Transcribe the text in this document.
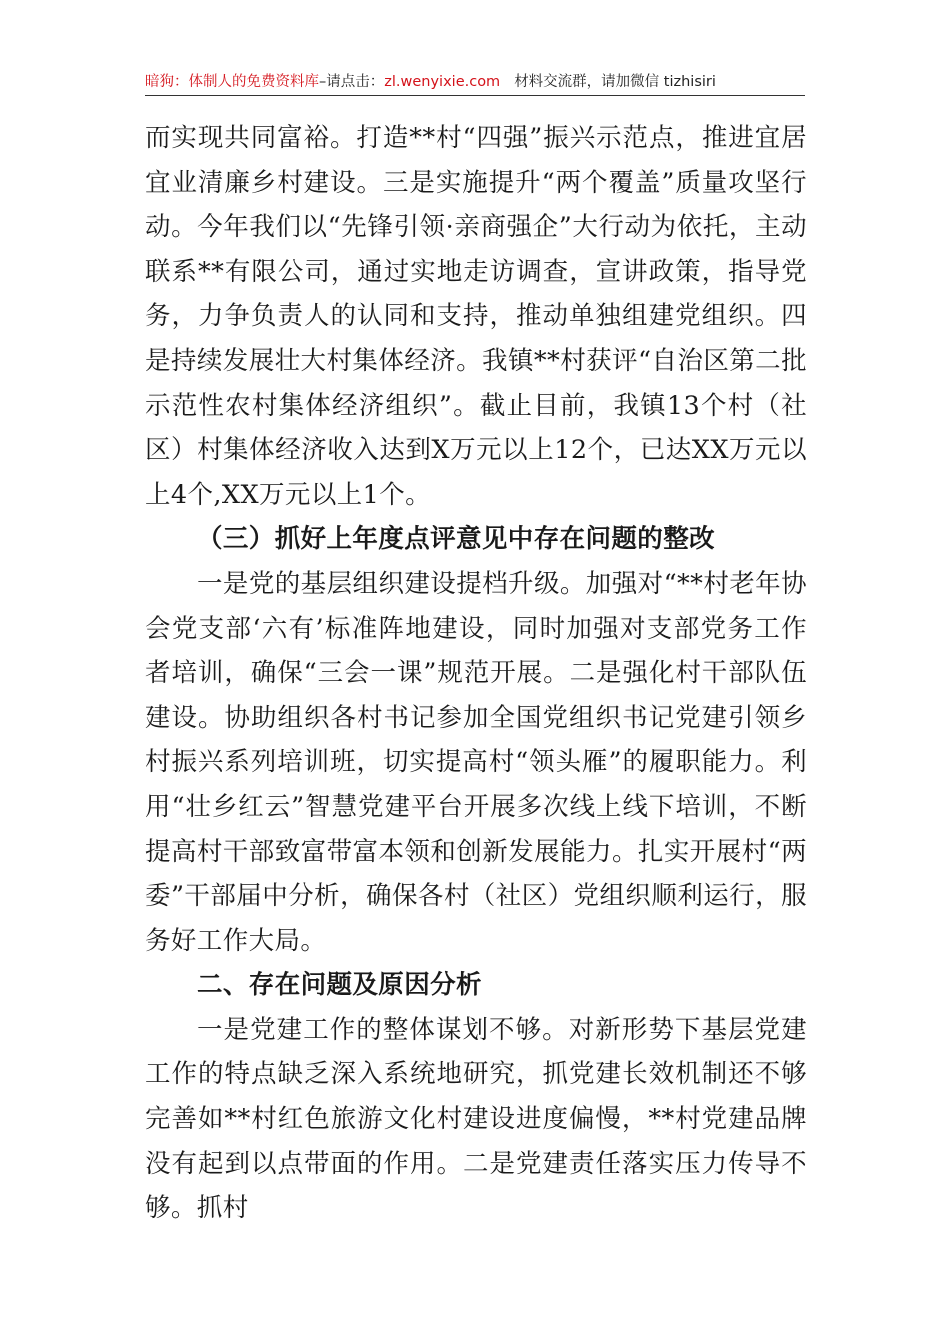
暗狗：体制人的免费资料库–请点击：zl.wenyixie.com 材料交流群，请加微信 tizhisiri

而实现共同富裕。打造**村“四强”振兴示范点，推进宜居宜业清廉乡村建设。三是实施提升“两个覆盖”质量攻坚行动。今年我们以“先锋引领·亲商强企”大行动为依托，主动联系**有限公司，通过实地走访调查，宣讲政策，指导党务，力争负责人的认同和支持，推动单独组建党组织。四是持续发展壮大村集体经济。我镇**村获评“自治区第二批示范性农村集体经济组织”。截止目前，我镇13个村（社区）村集体经济收入达到X万元以上12个，已达XX万元以上4个,XX万元以上1个。

（三）抓好上年度点评意见中存在问题的整改

一是党的基层组织建设提档升级。加强对“**村老年协会党支部‘六有’标准阵地建设，同时加强对支部党务工作者培训，确保“三会一课”规范开展。二是强化村干部队伍建设。协助组织各村书记参加全国党组织书记党建引领乡村振兴系列培训班，切实提高村“领头雁”的履职能力。利用“壮乡红云”智慧党建平台开展多次线上线下培训，不断提高村干部致富带富本领和创新发展能力。扎实开展村“两委”干部届中分析，确保各村（社区）党组织顺利运行，服务好工作大局。

二、存在问题及原因分析

一是党建工作的整体谋划不够。对新形势下基层党建工作的特点缺乏深入系统地研究，抓党建长效机制还不够完善如**村红色旅游文化村建设进度偏慢，**村党建品牌没有起到以点带面的作用。二是党建责任落实压力传导不够。抓村
